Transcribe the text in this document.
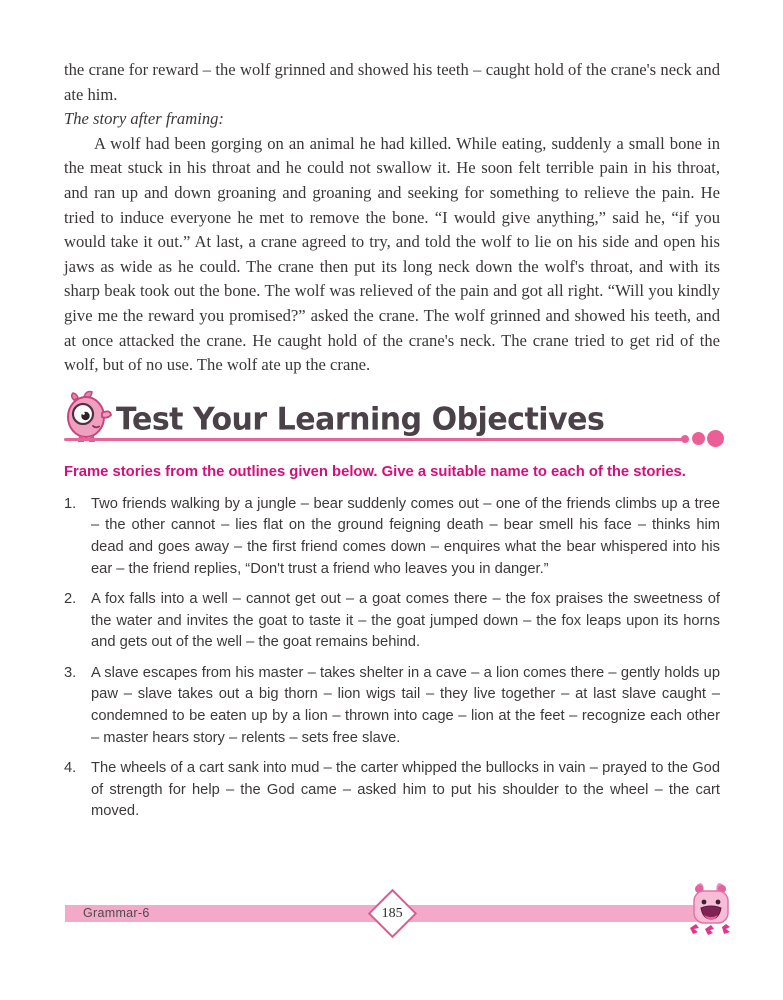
the crane for reward – the wolf grinned and showed his teeth – caught hold of the crane's neck and ate him.

The story after framing:

A wolf had been gorging on an animal he had killed. While eating, suddenly a small bone in the meat stuck in his throat and he could not swallow it. He soon felt terrible pain in his throat, and ran up and down groaning and groaning and seeking for something to relieve the pain. He tried to induce everyone he met to remove the bone. “I would give anything,” said he, “if you would take it out.” At last, a crane agreed to try, and told the wolf to lie on his side and open his jaws as wide as he could. The crane then put its long neck down the wolf's throat, and with its sharp beak took out the bone. The wolf was relieved of the pain and got all right. “Will you kindly give me the reward you promised?” asked the crane. The wolf grinned and showed his teeth, and at once attacked the crane. He caught hold of the crane's neck. The crane tried to get rid of the wolf, but of no use. The wolf ate up the crane.

Test Your Learning Objectives
Frame stories from the outlines given below. Give a suitable name to each of the stories.
1.	Two friends walking by a jungle – bear suddenly comes out – one of the friends climbs up a tree – the other cannot – lies flat on the ground feigning death – bear smell his face – thinks him dead and goes away – the first friend comes down – enquires what the bear whispered into his ear – the friend replies, “Don't trust a friend who leaves you in danger.”
2.	A fox falls into a well – cannot get out – a goat comes there – the fox praises the sweetness of the water and invites the goat to taste it – the goat jumped down – the fox leaps upon its horns and gets out of the well – the goat remains behind.
3.	A slave escapes from his master – takes shelter in a cave – a lion comes there – gently holds up paw – slave takes out a big thorn – lion wigs tail – they live together – at last slave caught – condemned to be eaten up by a lion – thrown into cage – lion at the feet – recognize each other – master hears story – relents – sets free slave.
4.	The wheels of a cart sank into mud – the carter whipped the bullocks in vain – prayed to the God of strength for help – the God came – asked him to put his shoulder to the wheel – the cart moved.
Grammar-6	185
